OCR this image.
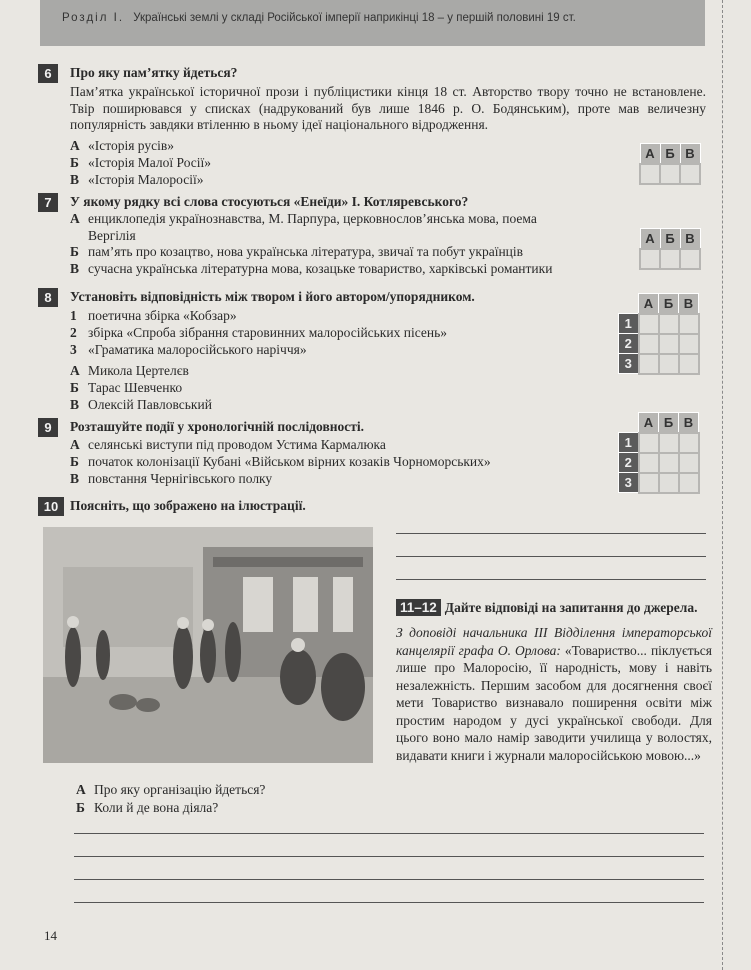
Розділ І. Українські землі у складі Російської імперії наприкінці 18 – у першій половині 19 ст.
6	Про яку пам’ятку йдеться?
Пам’ятка української історичної прози і публіцистики кінця 18 ст. Авторство твору точно не встановлене. Твір поширювався у списках (надрукований був лише 1846 р. О. Бодянським), проте мав величезну популярність завдяки втіленню в ньому ідеї національного відродження.
А «Історія русів»
Б «Історія Малої Росії»
В «Історія Малоросії»
А	Б	В

7	У якому рядку всі слова стосуються «Енеїди» І. Котляревського?
А енциклопедія українознавства, М. Парпура, церковнослов’янська мова, поема
Вергілія
Б пам’ять про козацтво, нова українська література, звичаї та побут українців
В сучасна українська літературна мова, козацьке товариство, харківські романтики
А	Б	В

8	Установіть відповідність між твором і його автором/упорядником.
1 поетична збірка «Кобзар»
2 збірка «Спроба зібрання старовинних малоросійських пісень»
3 «Граматика малоросійського наріччя»
А Микола Цертелєв
Б Тарас Шевченко
В Олексій Павловський
	А	Б	В
1			
2			
3			
9	Розташуйте події у хронологічній послідовності.
А селянські виступи під проводом Устима Кармалюка
Б початок колонізації Кубані «Військом вірних козаків Чорноморських»
В повстання Чернігівського полку
	А	Б	В
1			
2			
3			
10 Поясніть, що зображено на ілюстрації.
А Про яку організацію йдеться?
Б Коли й де вона діяла?
11–12 Дайте відповіді на запитання до джерела.
З доповіді начальника ІІІ Відділення імператорської канцелярії графа О. Орлова: «Товариство... піклується лише про Малоросію, її народність, мову і навіть незалежність. Першим засобом для досягнення своєї мети Товариство визнавало поширення освіти між простим народом у дусі української свободи. Для цього воно мало намір заводити училища у волостях, видавати книги і журнали малоросійською мовою...»
14
